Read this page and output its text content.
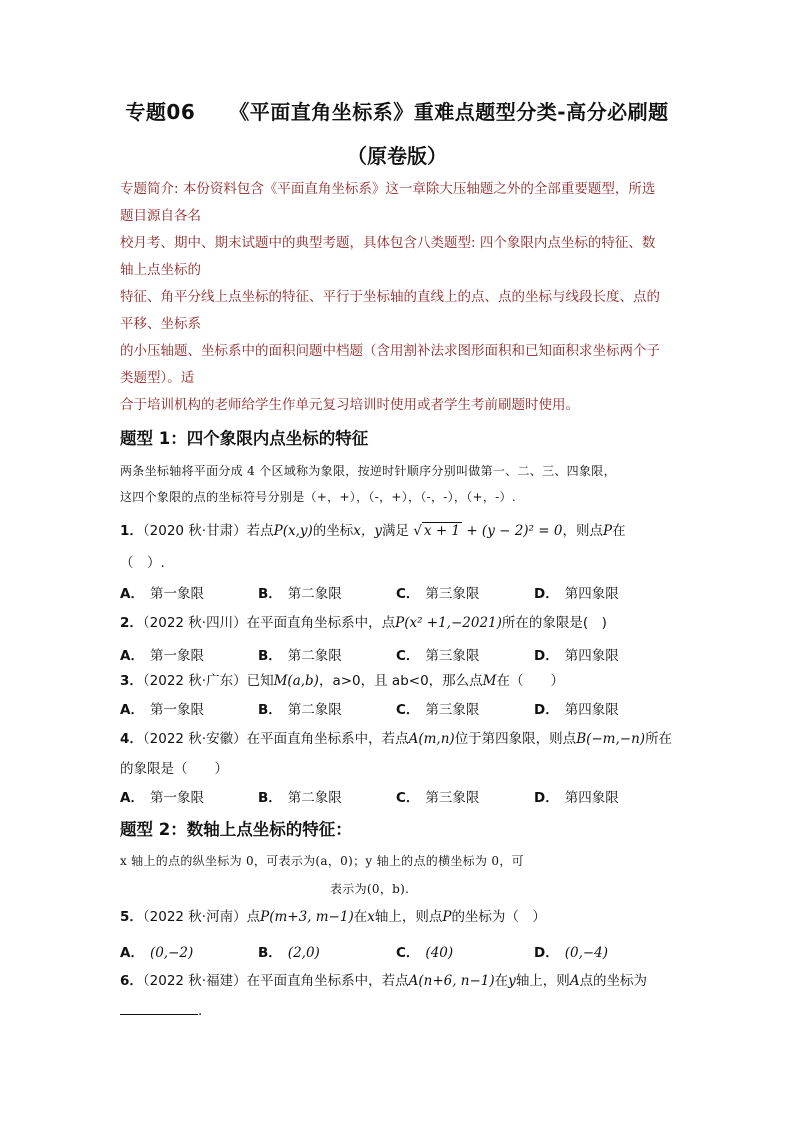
专题06 《平面直角坐标系》重难点题型分类-高分必刷题
（原卷版）
专题简介: 本份资料包含《平面直角坐标系》这一章除大压轴题之外的全部重要题型，所选
题目源自各名
校月考、期中、期末试题中的典型考题，具体包含八类题型: 四个象限内点坐标的特征、数
轴上点坐标的
特征、角平分线上点坐标的特征、平行于坐标轴的直线上的点、点的坐标与线段长度、点的
平移、坐标系
的小压轴题、坐标系中的面积问题中档题（含用割补法求图形面积和已知面积求坐标两个子
类题型）。适
合于培训机构的老师给学生作单元复习培训时使用或者学生考前刷题时使用。
题型 1：四个象限内点坐标的特征
两条坐标轴将平面分成 4 个区域称为象限，按逆时针顺序分别叫做第一、二、三、四象限，
这四个象限的点的坐标符号分别是（+，+），（-，+），（-，-），（+，-）.
1．（2020 秋·甘肃）若点P(x,y)的坐标x，y满足 √ x + 1 + (y − 2)² = 0，则点P在
（　）.
A． 第一象限	B． 第二象限	C． 第三象限	D． 第四象限
2．（2022 秋·四川）在平面直角坐标系中，点P(x² +1,−2021)所在的象限是(　)
A． 第一象限	B． 第二象限	C． 第三象限	D． 第四象限
3．（2022 秋·广东）已知M(a,b)，a>0，且 ab<0，那么点M在（　　）
A． 第一象限	B． 第二象限	C． 第三象限	D． 第四象限
4．（2022 秋·安徽）在平面直角坐标系中，若点A(m,n)位于第四象限，则点B(−m,−n)所在
的象限是（　　）
A． 第一象限	B． 第二象限	C． 第三象限	D． 第四象限
题型 2：数轴上点坐标的特征：
x 轴上的点的纵坐标为 0，可表示为(a，0)；y 轴上的点的横坐标为 0，可
表示为(0，b).
5．（2022 秋·河南）点P(m+3, m−1)在x轴上，则点P的坐标为（　）
A． (0,−2)	B． (2,0)	C． (40)	D． (0,−4)
6．（2022 秋·福建）在平面直角坐标系中，若点A(n+6, n−1)在y轴上，则A点的坐标为
.
